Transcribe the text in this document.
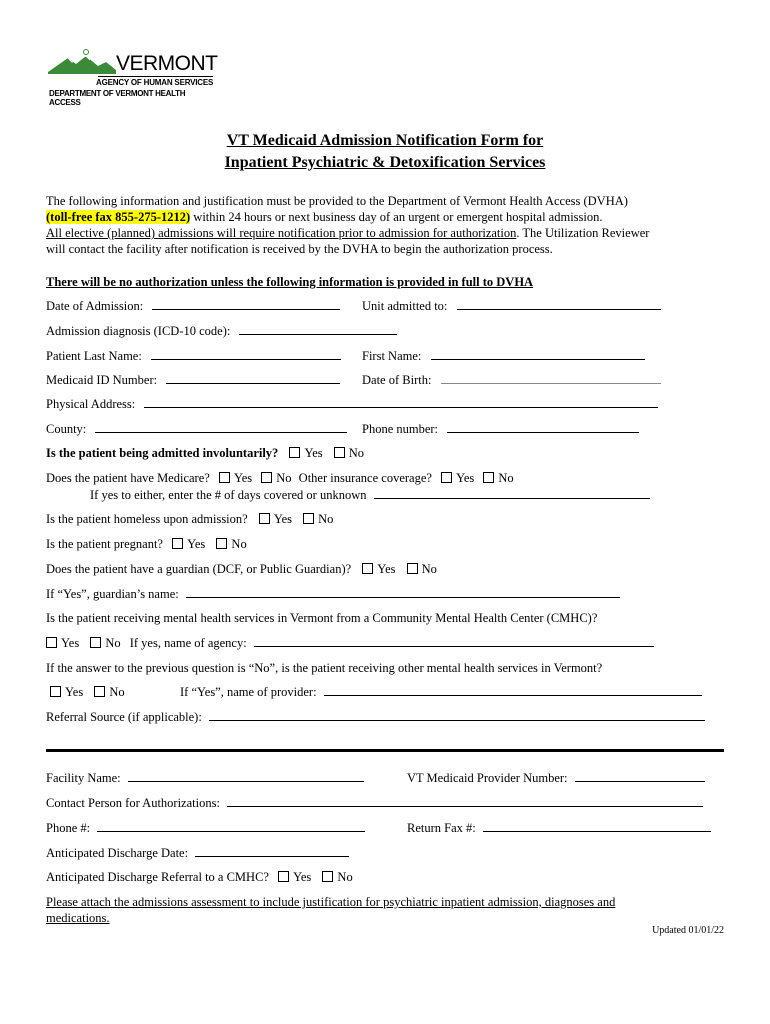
VERMONT
AGENCY OF HUMAN SERVICES
DEPARTMENT OF VERMONT HEALTH ACCESS
VT Medicaid Admission Notification Form for
Inpatient Psychiatric & Detoxification Services
The following information and justification must be provided to the Department of Vermont Health Access (DVHA)
(toll-free fax 855-275-1212) within 24 hours or next business day of an urgent or emergent hospital admission.
All elective (planned) admissions will require notification prior to admission for authorization. The Utilization Reviewer
will contact the facility after notification is received by the DVHA to begin the authorization process.
There will be no authorization unless the following information is provided in full to DVHA
Date of Admission:	Unit admitted to:
Admission diagnosis (ICD-10 code):
Patient Last Name:	First Name:
Medicaid ID Number:	Date of Birth:
Physical Address:
County:	Phone number:
Is the patient being admitted involuntarily? Yes No
Does the patient have Medicare? Yes No Other insurance coverage? Yes No
If yes to either, enter the # of days covered or unknown
Is the patient homeless upon admission? Yes No
Is the patient pregnant? Yes No
Does the patient have a guardian (DCF, or Public Guardian)? Yes No
If “Yes”, guardian’s name:
Is the patient receiving mental health services in Vermont from a Community Mental Health Center (CMHC)?
Yes No If yes, name of agency:
If the answer to the previous question is “No”, is the patient receiving other mental health services in Vermont?
Yes No	If “Yes”, name of provider:
Referral Source (if applicable):
Facility Name:	VT Medicaid Provider Number:
Contact Person for Authorizations:
Phone #:	Return Fax #:
Anticipated Discharge Date:
Anticipated Discharge Referral to a CMHC? Yes No
Please attach the admissions assessment to include justification for psychiatric inpatient admission, diagnoses and
medications.
Updated 01/01/22
